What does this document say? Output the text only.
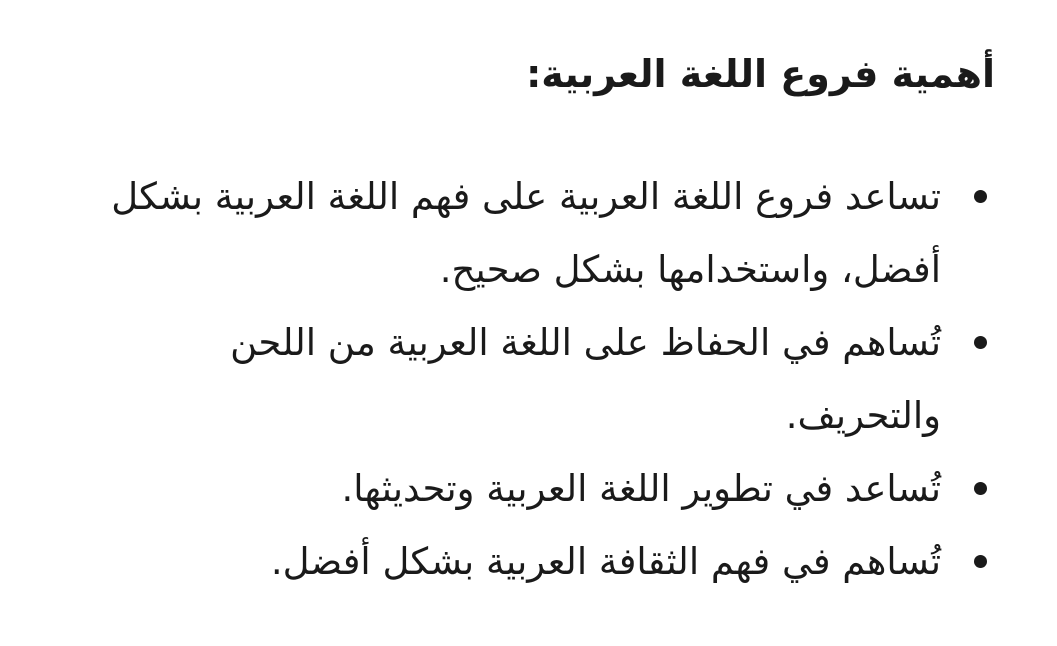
أهمية فروع اللغة العربية:
تساعد فروع اللغة العربية على فهم اللغة العربية بشكل أفضل، واستخدامها بشكل صحيح.
تُساهم في الحفاظ على اللغة العربية من اللحن والتحريف.
تُساعد في تطوير اللغة العربية وتحديثها.
تُساهم في فهم الثقافة العربية بشكل أفضل.
